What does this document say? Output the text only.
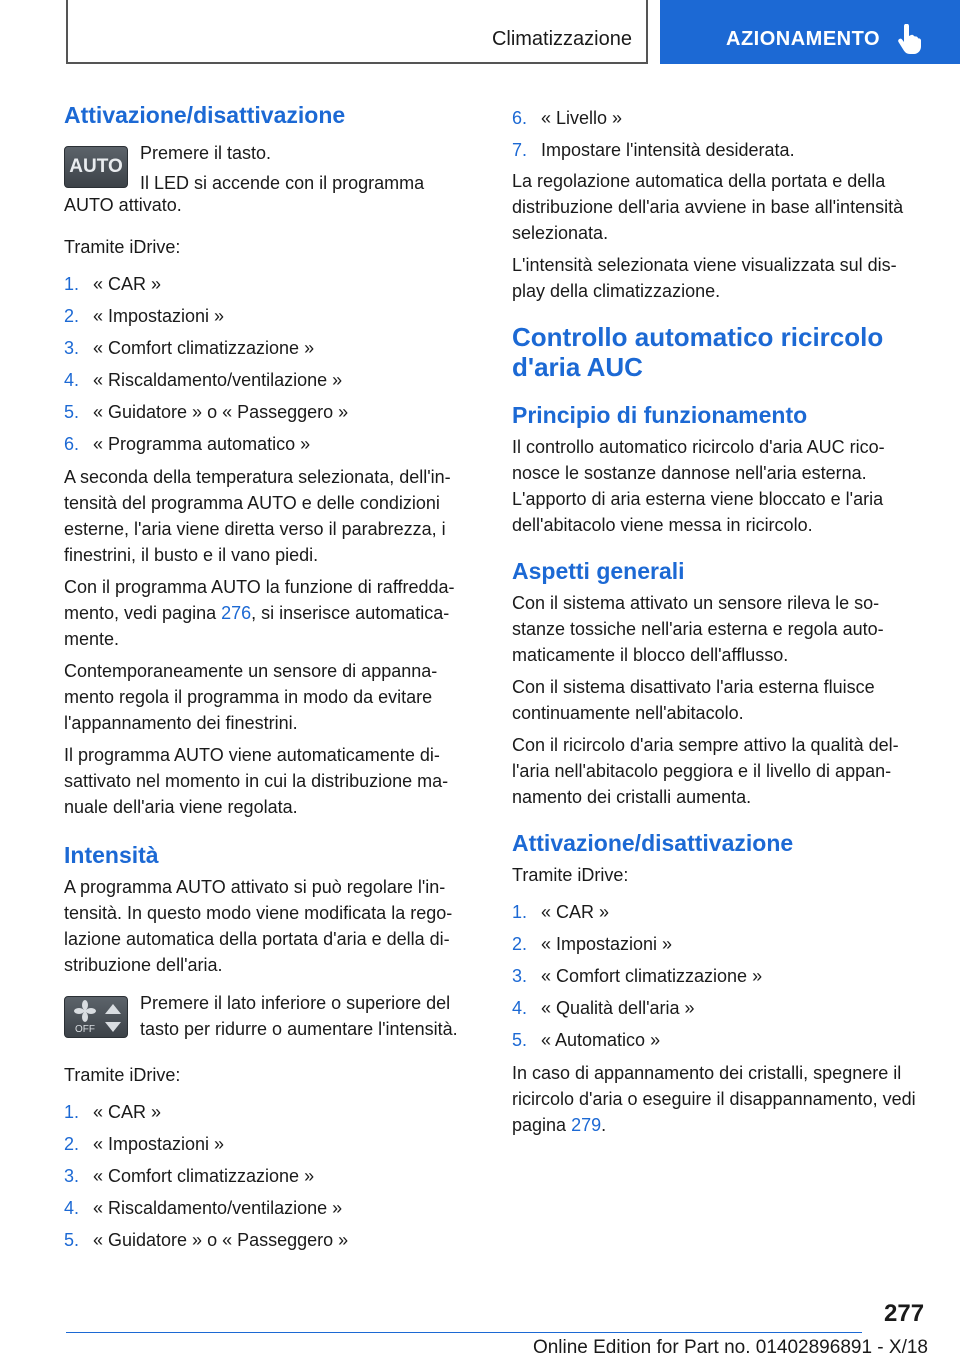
Climatizzazione	AZIONAMENTO
Attivazione/disattivazione
AUTO

Premere il tasto.

Il LED si accende con il programma

AUTO attivato.

Tramite iDrive:

1. « CAR »
2. « Impostazioni »
3. « Comfort climatizzazione »
4. « Riscaldamento/ventilazione »
5. « Guidatore » o « Passeggero »
6. « Programma automatico »

A seconda della temperatura selezionata, dell'in-tensità del programma AUTO e delle condizioni esterne, l'aria viene diretta verso il parabrezza, i finestrini, il busto e il vano piedi.

Con il programma AUTO la funzione di raffredda-mento, vedi pagina 276, si inserisce automatica-mente.

Contemporaneamente un sensore di appanna-mento regola il programma in modo da evitare l'appannamento dei finestrini.

Il programma AUTO viene automaticamente di-sattivato nel momento in cui la distribuzione ma-nuale dell'aria viene regolata.

Intensità

A programma AUTO attivato si può regolare l'in-tensità. In questo modo viene modificata la rego-lazione automatica della portata d'aria e della di-stribuzione dell'aria.

OFF

Premere il lato inferiore o superiore del

tasto per ridurre o aumentare l'intensità.

Tramite iDrive:

1. « CAR »
2. « Impostazioni »
3. « Comfort climatizzazione »
4. « Riscaldamento/ventilazione »
5. « Guidatore » o « Passeggero »
6. « Livello »
7. Impostare l'intensità desiderata.

La regolazione automatica della portata e della distribuzione dell'aria avviene in base all'intensità selezionata.

L'intensità selezionata viene visualizzata sul dis-play della climatizzazione.

Controllo automatico ricircolo d'aria AUC
Principio di funzionamento

Il controllo automatico ricircolo d'aria AUC rico-nosce le sostanze dannose nell'aria esterna. L'apporto di aria esterna viene bloccato e l'aria dell'abitacolo viene messa in ricircolo.

Aspetti generali

Con il sistema attivato un sensore rileva le so-stanze tossiche nell'aria esterna e regola auto-maticamente il blocco dell'afflusso.

Con il sistema disattivato l'aria esterna fluisce continuamente nell'abitacolo.

Con il ricircolo d'aria sempre attivo la qualità del-l'aria nell'abitacolo peggiora e il livello di appan-namento dei cristalli aumenta.

Attivazione/disattivazione

Tramite iDrive:

1. « CAR »
2. « Impostazioni »
3. « Comfort climatizzazione »
4. « Qualità dell'aria »
5. « Automatico »

In caso di appannamento dei cristalli, spegnere il ricircolo d'aria o eseguire il disappannamento, vedi pagina 279.

277
Online Edition for Part no. 01402896891 - X/18
